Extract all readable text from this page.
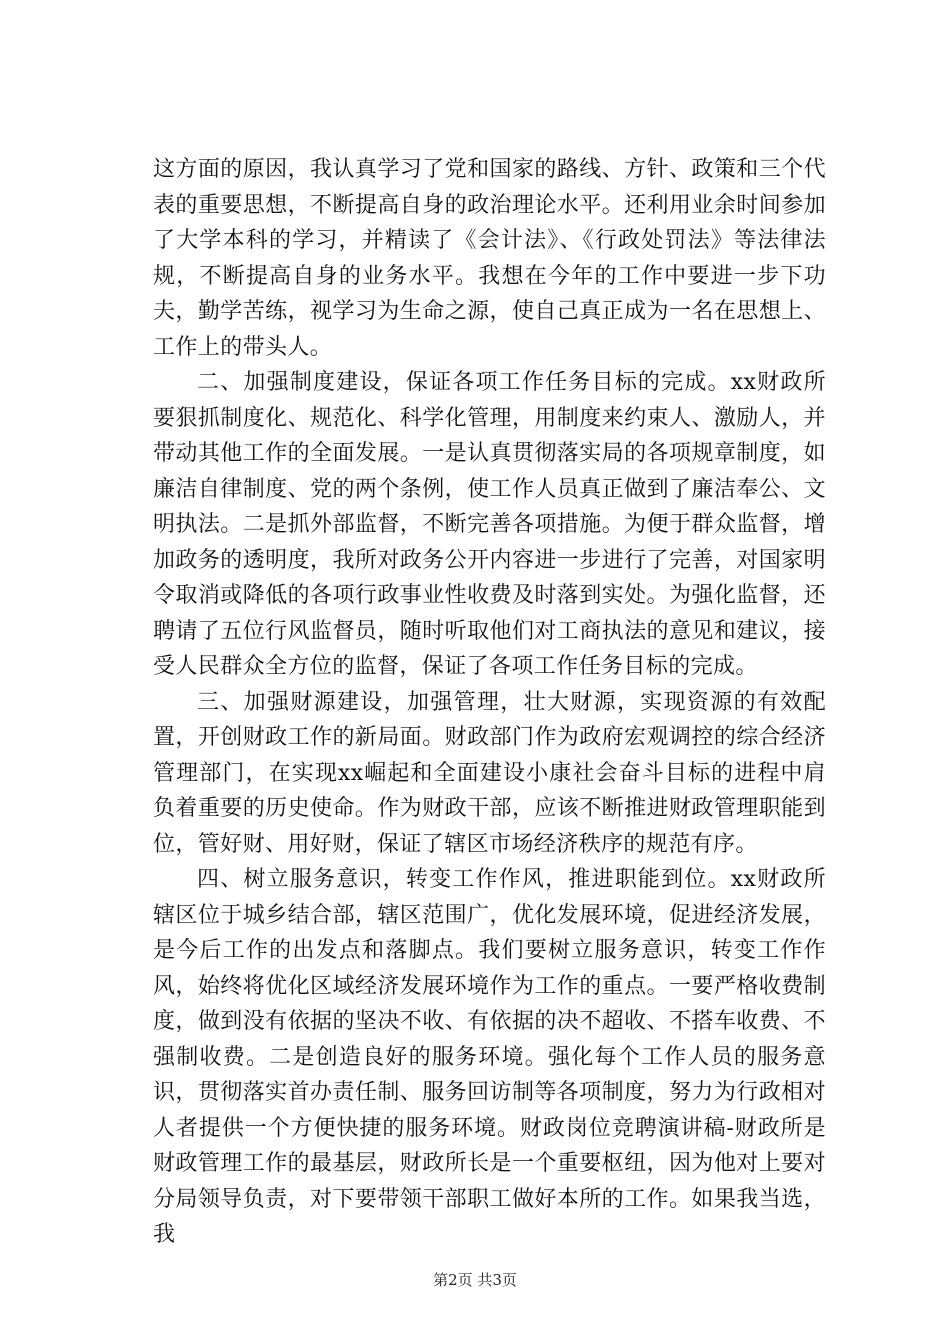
这方面的原因，我认真学习了党和国家的路线、方针、政策和三个代表的重要思想，不断提高自身的政治理论水平。还利用业余时间参加了大学本科的学习，并精读了《会计法》、《行政处罚法》等法律法规，不断提高自身的业务水平。我想在今年的工作中要进一步下功夫，勤学苦练，视学习为生命之源，使自己真正成为一名在思想上、工作上的带头人。

二、加强制度建设，保证各项工作任务目标的完成。xx财政所要狠抓制度化、规范化、科学化管理，用制度来约束人、激励人，并带动其他工作的全面发展。一是认真贯彻落实局的各项规章制度，如廉洁自律制度、党的两个条例，使工作人员真正做到了廉洁奉公、文明执法。二是抓外部监督，不断完善各项措施。为便于群众监督，增加政务的透明度，我所对政务公开内容进一步进行了完善，对国家明令取消或降低的各项行政事业性收费及时落到实处。为强化监督，还聘请了五位行风监督员，随时听取他们对工商执法的意见和建议，接受人民群众全方位的监督，保证了各项工作任务目标的完成。

三、加强财源建设，加强管理，壮大财源，实现资源的有效配置，开创财政工作的新局面。财政部门作为政府宏观调控的综合经济管理部门，在实现xx崛起和全面建设小康社会奋斗目标的进程中肩负着重要的历史使命。作为财政干部，应该不断推进财政管理职能到位，管好财、用好财，保证了辖区市场经济秩序的规范有序。

四、树立服务意识，转变工作作风，推进职能到位。xx财政所辖区位于城乡结合部，辖区范围广，优化发展环境，促进经济发展，是今后工作的出发点和落脚点。我们要树立服务意识，转变工作作风，始终将优化区域经济发展环境作为工作的重点。一要严格收费制度，做到没有依据的坚决不收、有依据的决不超收、不搭车收费、不强制收费。二是创造良好的服务环境。强化每个工作人员的服务意识，贯彻落实首办责任制、服务回访制等各项制度，努力为行政相对人者提供一个方便快捷的服务环境。财政岗位竞聘演讲稿-财政所是财政管理工作的最基层，财政所长是一个重要枢纽，因为他对上要对分局领导负责，对下要带领干部职工做好本所的工作。如果我当选，我

第2页 共3页
